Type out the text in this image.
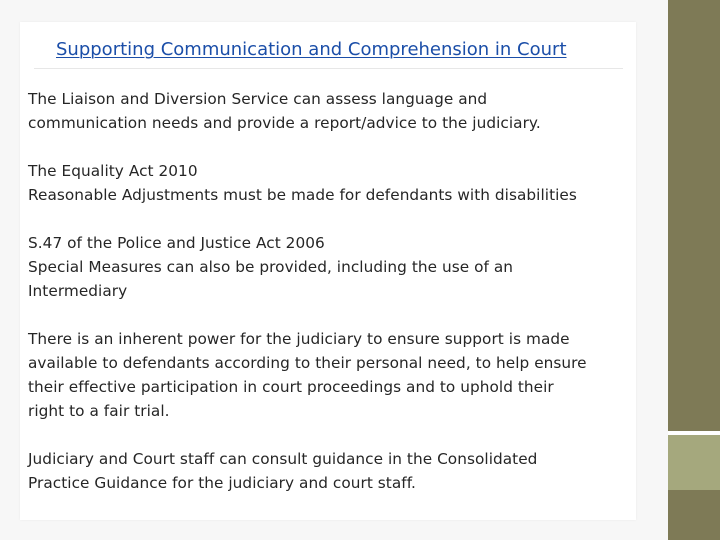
Supporting Communication and Comprehension in Court

The Liaison and Diversion Service can assess language and
communication needs and provide a report/advice to the judiciary.

The Equality Act 2010
Reasonable Adjustments must be made for defendants with disabilities

S.47 of the Police and Justice Act 2006
Special Measures can also be provided, including the use of an
Intermediary

There is an inherent power for the judiciary to ensure support is made
available to defendants according to their personal need, to help ensure
their effective participation in court proceedings and to uphold their
right to a fair trial.

Judiciary and Court staff can consult guidance in the Consolidated
Practice Guidance for the judiciary and court staff.
